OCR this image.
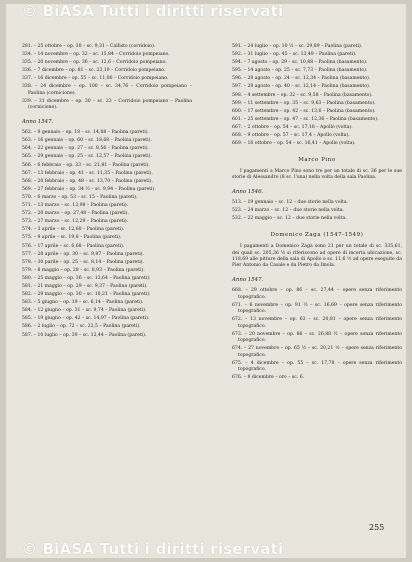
281. – 25 ottobre – op. 30 – sc. 9,31 – Callisto (corridoio).
334. – 14 novembre – op. 32 – sc. 15,84 – Corridoio pompeiano.
335. – 20 novembre – op. 36 – sc. 12,6 – Corridoio pompeiano.
336. – 7 dicembre – op. 81 – sc. 23,10 – Corridoio pompeiano.
337. – 16 dicembre – op. 55 – sc. 11,80 – Corridoio pompeiano.
338. – 24 dicembre – op. 100 – sc. 34,76 – Corridoio pompeiano – Paolina (cornicione).
339. – 31 dicembre – op. 30 – sc. 23 – Corridoio pompeiano – Paolina (cornicione).
Anno 1547.
562. – 9 gennaio – op. 18 – sc. 14,88 – Paolina (pareti).
563. – 16 gennaio – op. 60 – sc. 18,68 – Paolina (pareti).
564. – 22 gennaio – op. 27 – sc. 8,56 – Paolina (pareti).
565. – 29 gennaio – op. 25 – sc. 12,57 – Paolina (pareti).
566. – 6 febbraio – op. 33 – sc. 21,81 – Paolina (pareti).
567. – 13 febbraio – op. 41 – sc. 11,35 – Paolina (pareti).
568. – 20 febbraio – op. 48 – sc. 13,70 – Paolina (pareti).
569. – 27 febbraio – op. 34 ½ – sc. 9,94 – Paolina (pareti).
570. – 6 marzo – op. 53 – sc. 15 – Paolina (pareti).
571. – 13 marzo – sc. 13,98 – Paolina (pareti).
572. – 20 marzo – op. 27,48 – Paolina (pareti).
573. – 27 marzo – sc. 12,29 – Paolina (pareti).
574. – 3 aprile – sc. 12,60 – Paolina (pareti).
575. – 9 aprile – sc. 19,8 – Paolina (pareti).
576. – 17 aprile – sc. 6,68 – Paolina (pareti).
577. – 28 aprile – op. 30 – sc. 9,87 – Paolina (pareti).
578. – 30 parile – op. 25 – sc. 8,14 – Paolina (pareti).
579. – 8 maggio – op. 28 – sc. 8,93 – Paolina (pareti).
580. – 25 maggio – op. 36 – sc. 13,64 – Paolina (pareti).
581. – 21 maggio – op. 29 – sc. 9,37 – Paolina (pareti).
582. – 29 maggio – op. 30 – sc. 10,21 – Paolina (pareti).
583. – 5 giugno – op. 19 – sc. 6,14 – Paolina (pareti).
584. – 12 giugno – op. 31 – sc. 9,74 – Paolina (pareti).
585. – 19 giugno – op. 42 – sc. 14,97 – Paolina (pareti).
586. – 2 luglio – op. 72 – sc. 22,5 – Paolina (pareti).
587. – 10 luglio – op. 39 – sc. 12,44 – Paolina (pareti).
591. – 24 luglio – op. 10 ½ – sc. 29,89 – Paolina (pareti).
592. – 31 luglio – op. 45 – sc. 13,49 – Paolina (pareti).
594. – 7 agosto – op. 29 – sc. 10,88 – Paolina (basamento).
595. – 14 agosto – op. 25 – sc. 7,73 – Paolina (basamento).
596. – 28 agosto – op. 24 – sc. 12,34 – Paolina (basamento).
597. – 28 agosto – op. 40 – sc. 12,14 – Paolina (basamento).
598. – 4 settembre – op. 32 – sc. 9,58 – Paolina (basamento).
599. – 11 settembre – op. 35 – sc. 9,63 – Paolina (basamento).
600. – 17 settembre – op. 42 – sc. 13,6 – Paolina (basamento).
601. – 25 settembre – op. 47 – sc. 12,36 – Paolina (basamento).
667. – 2 ottobre – op. 54 – sc. 17,18 – Apollo (volta).
668. – 9 ottobre – op. 57 – sc. 17,4 – Apollo (volta).
669. – 16 ottobre – op. 54 – sc. 16,41 – Apollo (volta).
Marco Pino
I pagamenti a Marco Pino sono tre per un totale di sc. 36 per le sue storie di Alessandro (8 sc. l'una) nella volta della sala Paolina.
Anno 1546.
513. – 19 gennaio – sc. 12 – due storie nella volta.
523. – 24 marzo – sc. 12 – due storie nella volta.
532. – 22 maggio – sc. 12 – due storie nella volta.
Domenico Zaga (1547-1549)
I pagamenti a Domenico Zaga sono 21 per un totale di sc. 335,61, dei quali sc. 205,36 ½ si riferiscono ad opere di incerta ubicazione, sc. 118,69 alle pitture della sala di Apollo e sc. 11,6 ½ ad opere eseguite da Pier Antonio da Casale e da Pietro da Imola.
Anno 1547.
668. – 29 ottobre – op. 86 – sc. 27,44 – opere senza riferimento topografico.
671. – 6 novembre – op. 91 ½ – sc. 16,69 – opere senza riferimento topografico.
672. – 13 novembre – op. 63 – sc. 20,81 – opere senza riferimento topografico.
673. – 20 novembre – op. 86 – sc. 26,88 ½ – opere senza riferimento topografico.
674. – 27 novembre – op. 65 ½ – sc. 20,21 ½ – opere senza riferimento topografico.
675. – 4 dicembre – op. 55 – sc. 17,78 – opere senza riferimento topografico.
676. – 8 dicembre – oro – sc. 6.
255
© BiASA Tutti i diritti riservati
© BiASA Tutti i diritti riservati
